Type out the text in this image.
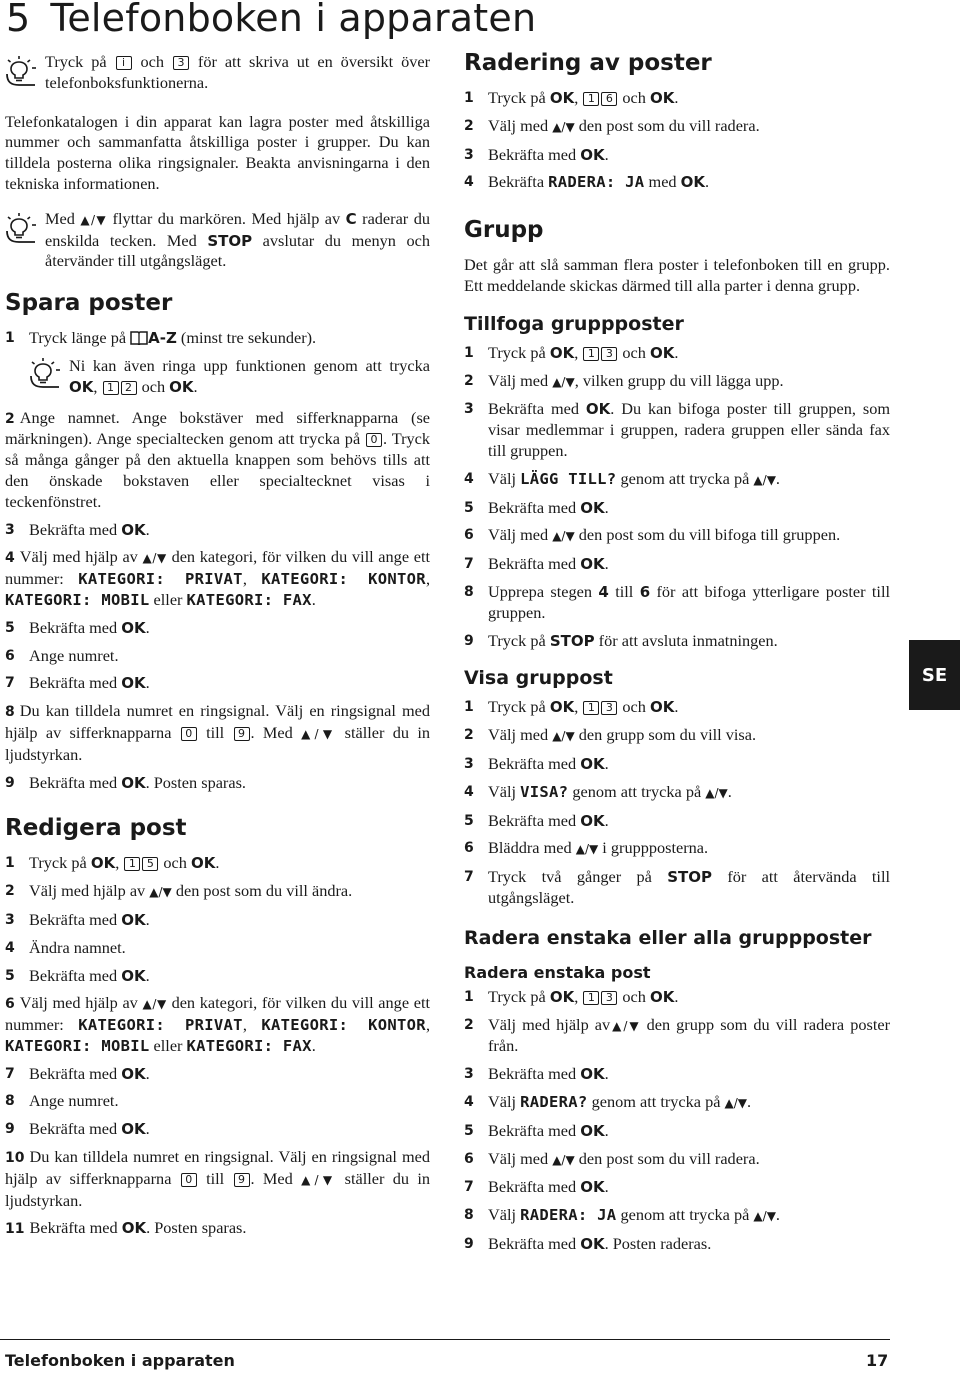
5 Telefonboken i apparaten
Tryck på i och 3 för att skriva ut en översikt över telefonboksfunktionerna.

Telefonkatalogen i din apparat kan lagra poster med åtskilliga nummer och sammanfatta åtskilliga poster i grupper. Du kan tilldela posterna olika ringsignaler. Beakta anvisningarna i den tekniska informationen.

Med ▲/▼ flyttar du markören. Med hjälp av C raderar du enskilda tecken. Med STOP avslutar du menyn och återvänder till utgångsläget.
Spara poster
1 Tryck länge på A-Z (minst tre sekunder).
Ni kan även ringa upp funktionen genom att trycka OK, 1 2 och OK.
2 Ange namnet. Ange bokstäver med sifferknapparna (se märkningen). Ange specialtecken genom att trycka på 0 . Tryck så många gånger på den aktuella knappen som behövs tills att den önskade bokstaven eller specialtecknet visas i teckenfönstret.
3 Bekräfta med OK.
4 Välj med hjälp av ▲/▼ den kategori, för vilken du vill ange ett nummer: KATEGORI: PRIVAT, KATEGORI: KONTOR, KATEGORI: MOBIL eller KATEGORI: FAX.
5 Bekräfta med OK.
6 Ange numret.
7 Bekräfta med OK.
8 Du kan tilldela numret en ringsignal. Välj en ringsignal med hjälp av sifferknapparna 0 till 9 . Med ▲/▼ ställer du in ljudstyrkan.
9 Bekräfta med OK. Posten sparas.
Redigera post
1 Tryck på OK, 1 5 och OK.
2 Välj med hjälp av ▲/▼ den post som du vill ändra.
3 Bekräfta med OK.
4 Ändra namnet.
5 Bekräfta med OK.
6 Välj med hjälp av ▲/▼ den kategori, för vilken du vill ange ett nummer: KATEGORI: PRIVAT, KATEGORI: KONTOR, KATEGORI: MOBIL eller KATEGORI: FAX.
7 Bekräfta med OK.
8 Ange numret.
9 Bekräfta med OK.
10 Du kan tilldela numret en ringsignal. Välj en ringsignal med hjälp av sifferknapparna 0 till 9 . Med ▲/▼ ställer du in ljudstyrkan.
11 Bekräfta med OK. Posten sparas.
Radering av poster
1 Tryck på OK, 1 6 och OK.
2 Välj med ▲/▼ den post som du vill radera.
3 Bekräfta med OK.
4 Bekräfta RADERA: JA med OK.
Grupp

Det går att slå samman flera poster i telefonboken till en grupp. Ett meddelande skickas därmed till alla parter i denna grupp.

Tillfoga gruppposter
1 Tryck på OK, 1 3 och OK.
2 Välj med ▲/▼, vilken grupp du vill lägga upp.
3 Bekräfta med OK. Du kan bifoga poster till gruppen, som visar medlemmar i gruppen, radera gruppen eller sända fax till gruppen.
4 Välj LÄGG TILL? genom att trycka på ▲/▼.
5 Bekräfta med OK.
6 Välj med ▲/▼ den post som du vill bifoga till gruppen.
7 Bekräfta med OK.
8 Upprepa stegen 4 till 6 för att bifoga ytterligare poster till gruppen.
9 Tryck på STOP för att avsluta inmatningen.
Visa gruppost
1 Tryck på OK, 1 3 och OK.
2 Välj med ▲/▼ den grupp som du vill visa.
3 Bekräfta med OK.
4 Välj VISA? genom att trycka på ▲/▼.
5 Bekräfta med OK.
6 Bläddra med ▲/▼ i gruppposterna.
7 Tryck två gånger på STOP för att återvända till utgångsläget.
Radera enstaka eller alla gruppposter
Radera enstaka post
1 Tryck på OK, 1 3 och OK.
2 Välj med hjälp av▲/▼ den grupp som du vill radera poster från.
3 Bekräfta med OK.
4 Välj RADERA? genom att trycka på ▲/▼.
5 Bekräfta med OK.
6 Välj med ▲/▼ den post som du vill radera.
7 Bekräfta med OK.
8 Välj RADERA: JA genom att trycka på ▲/▼.
9 Bekräfta med OK. Posten raderas.
SE
Telefonboken i apparaten	17
